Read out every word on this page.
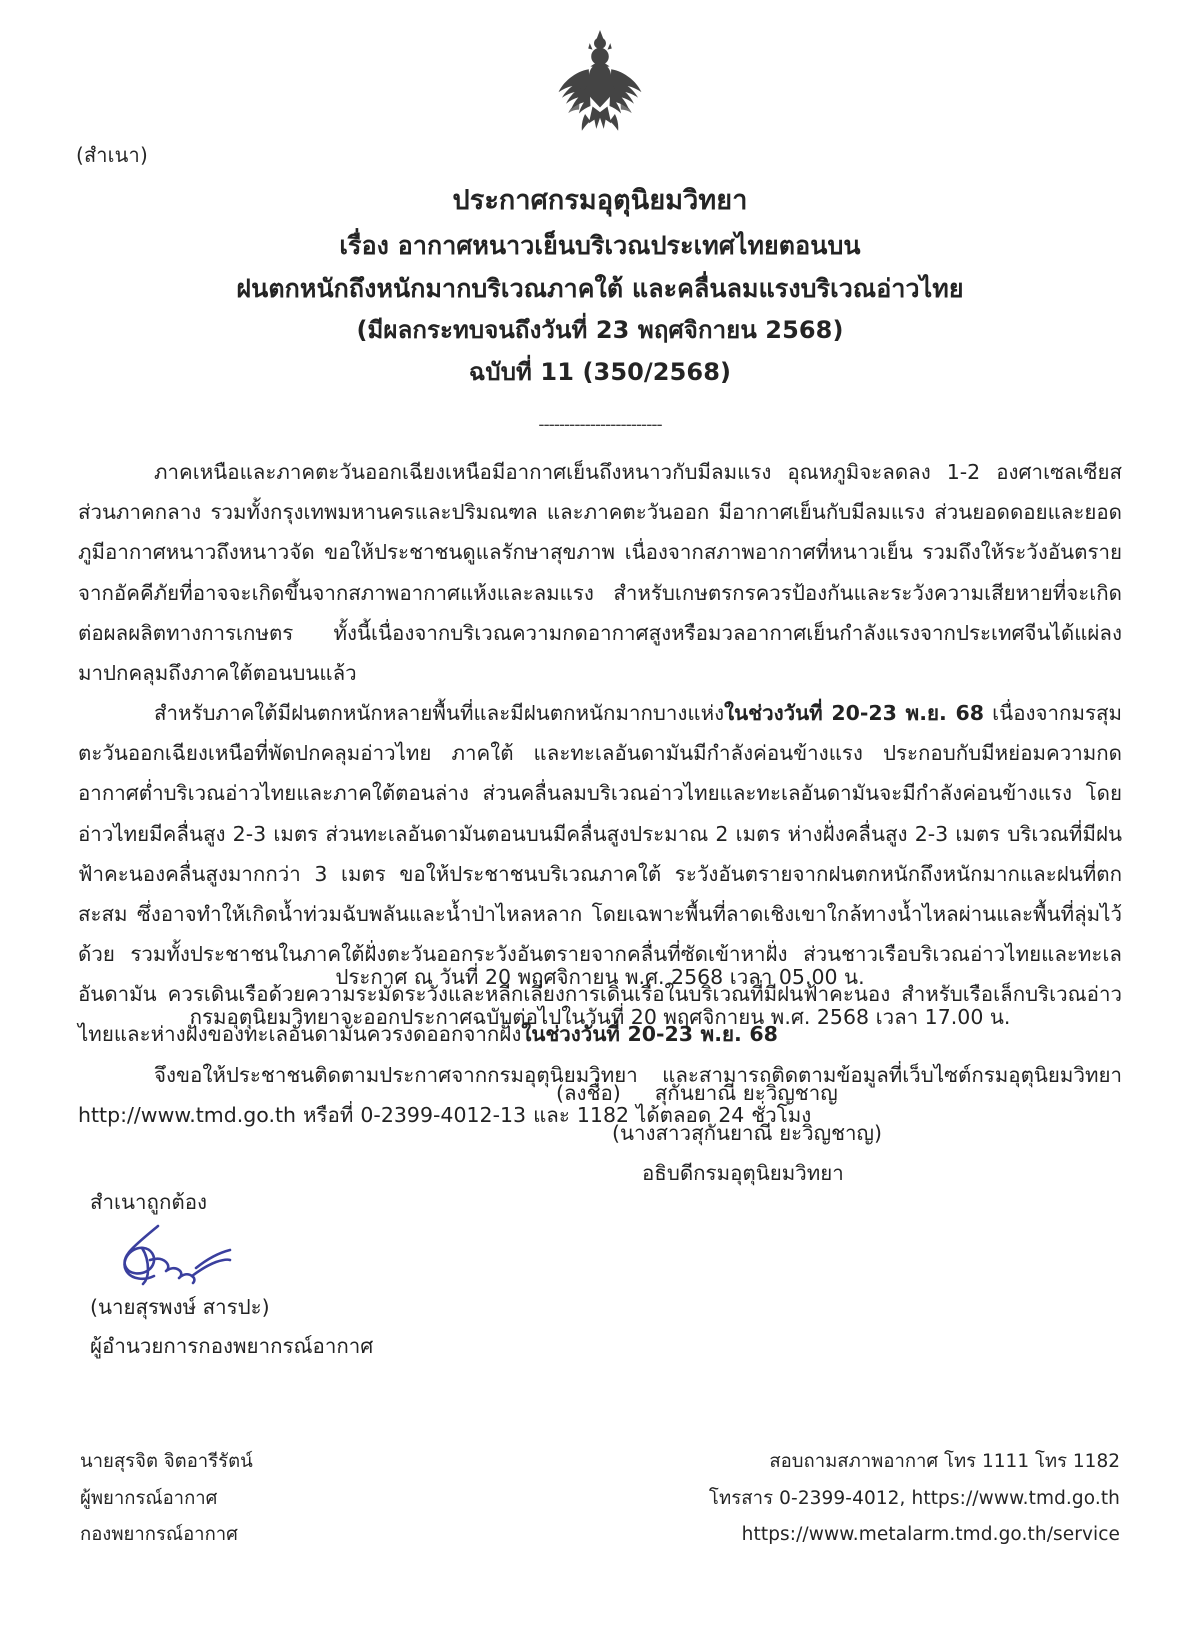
(สำเนา)
ประกาศกรมอุตุนิยมวิทยา
เรื่อง อากาศหนาวเย็นบริเวณประเทศไทยตอนบน
ฝนตกหนักถึงหนักมากบริเวณภาคใต้ และคลื่นลมแรงบริเวณอ่าวไทย
(มีผลกระทบจนถึงวันที่ 23 พฤศจิกายน 2568)
ฉบับที่ 11 (350/2568)
------------------------

ภาคเหนือและภาคตะวันออกเฉียงเหนือมีอากาศเย็นถึงหนาวกับมีลมแรง อุณหภูมิจะลดลง 1-2 องศาเซลเซียส ส่วนภาคกลาง รวมทั้งกรุงเทพมหานครและปริมณฑล และภาคตะวันออก มีอากาศเย็นกับมีลมแรง ส่วนยอดดอยและยอดภูมีอากาศหนาวถึงหนาวจัด ขอให้ประชาชนดูแลรักษาสุขภาพ เนื่องจากสภาพอากาศที่หนาวเย็น รวมถึงให้ระวังอันตรายจากอัคคีภัยที่อาจจะเกิดขึ้นจากสภาพอากาศแห้งและลมแรง สำหรับเกษตรกรควรป้องกันและระวังความเสียหายที่จะเกิดต่อผลผลิตทางการเกษตร ทั้งนี้เนื่องจากบริเวณความกดอากาศสูงหรือมวลอากาศเย็นกำลังแรงจากประเทศจีนได้แผ่ลงมาปกคลุมถึงภาคใต้ตอนบนแล้ว

สำหรับภาคใต้มีฝนตกหนักหลายพื้นที่และมีฝนตกหนักมากบางแห่งในช่วงวันที่ 20-23 พ.ย. 68 เนื่องจากมรสุมตะวันออกเฉียงเหนือที่พัดปกคลุมอ่าวไทย ภาคใต้ และทะเลอันดามันมีกำลังค่อนข้างแรง ประกอบกับมีหย่อมความกดอากาศต่ำบริเวณอ่าวไทยและภาคใต้ตอนล่าง ส่วนคลื่นลมบริเวณอ่าวไทยและทะเลอันดามันจะมีกำลังค่อนข้างแรง โดยอ่าวไทยมีคลื่นสูง 2-3 เมตร ส่วนทะเลอันดามันตอนบนมีคลื่นสูงประมาณ 2 เมตร ห่างฝั่งคลื่นสูง 2-3 เมตร บริเวณที่มีฝนฟ้าคะนองคลื่นสูงมากกว่า 3 เมตร ขอให้ประชาชนบริเวณภาคใต้ ระวังอันตรายจากฝนตกหนักถึงหนักมากและฝนที่ตกสะสม ซึ่งอาจทำให้เกิดน้ำท่วมฉับพลันและน้ำป่าไหลหลาก โดยเฉพาะพื้นที่ลาดเชิงเขาใกล้ทางน้ำไหลผ่านและพื้นที่ลุ่มไว้ด้วย รวมทั้งประชาชนในภาคใต้ฝั่งตะวันออกระวังอันตรายจากคลื่นที่ซัดเข้าหาฝั่ง ส่วนชาวเรือบริเวณอ่าวไทยและทะเลอันดามัน ควรเดินเรือด้วยความระมัดระวังและหลีกเลี่ยงการเดินเรือในบริเวณที่มีฝนฟ้าคะนอง สำหรับเรือเล็กบริเวณอ่าวไทยและห่างฝั่งของทะเลอันดามันควรงดออกจากฝั่งในช่วงวันที่ 20-23 พ.ย. 68

จึงขอให้ประชาชนติดตามประกาศจากกรมอุตุนิยมวิทยา และสามารถติดตามข้อมูลที่เว็บไซต์กรมอุตุนิยมวิทยา http://www.tmd.go.th หรือที่ 0-2399-4012-13 และ 1182 ได้ตลอด 24 ชั่วโมง

ประกาศ ณ วันที่ 20 พฤศจิกายน พ.ศ. 2568 เวลา 05.00 น.
กรมอุตุนิยมวิทยาจะออกประกาศฉบับต่อไปในวันที่ 20 พฤศจิกายน พ.ศ. 2568 เวลา 17.00 น.
(ลงชื่อ) สุกันยาณี ยะวิญชาญ
(นางสาวสุกันยาณี ยะวิญชาญ)
อธิบดีกรมอุตุนิยมวิทยา
สำเนาถูกต้อง
(นายสุรพงษ์ สารปะ)
ผู้อำนวยการกองพยากรณ์อากาศ
นายสุรจิต จิตอารีรัตน์
ผู้พยากรณ์อากาศ
กองพยากรณ์อากาศ
สอบถามสภาพอากาศ โทร 1111 โทร 1182
โทรสาร 0-2399-4012, https://www.tmd.go.th
https://www.metalarm.tmd.go.th/service
